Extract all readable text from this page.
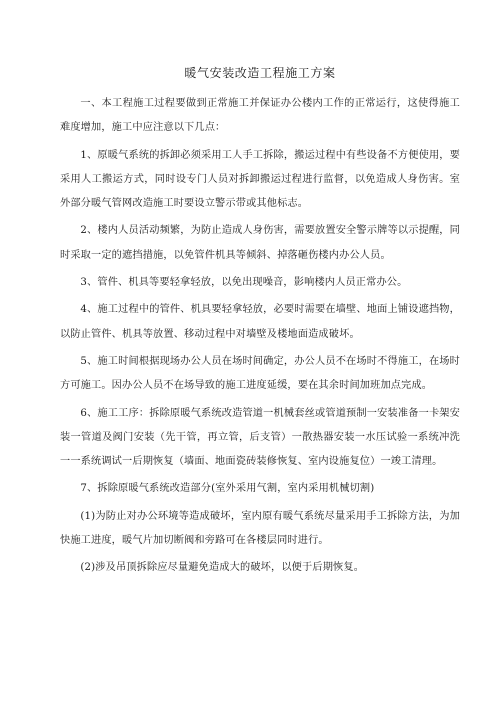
暖气安装改造工程施工方案

一、本工程施工过程要做到正常施工并保证办公楼内工作的正常运行，这使得施工难度增加，施工中应注意以下几点：

1、原暖气系统的拆卸必须采用工人手工拆除，搬运过程中有些设备不方便使用，要采用人工搬运方式，同时设专门人员对拆卸搬运过程进行监督，以免造成人身伤害。室外部分暖气管网改造施工时要设立警示带或其他标志。

2、楼内人员活动频繁，为防止造成人身伤害，需要放置安全警示牌等以示提醒，同时采取一定的遮挡措施，以免管件机具等倾斜、掉落砸伤楼内办公人员。

3、管件、机具等要轻拿轻放，以免出现噪音，影响楼内人员正常办公。

4、施工过程中的管件、机具要轻拿轻放，必要时需要在墙壁、地面上铺设遮挡物，以防止管件、机具等放置、移动过程中对墙壁及楼地面造成破坏。

5、施工时间根据现场办公人员在场时间确定，办公人员不在场时不得施工，在场时方可施工。因办公人员不在场导致的施工进度延缓，要在其余时间加班加点完成。

6、施工工序：拆除原暖气系统改造管道一机械套丝或管道预制一安装准备一卡架安装一管道及阀门安装（先干管，再立管，后支管）一散热器安装一水压试验一系统冲洗一一系统调试一后期恢复（墙面、地面瓷砖装修恢复、室内设施复位）一竣工清理。

7、拆除原暖气系统改造部分(室外采用气割，室内采用机械切割)

(1)为防止对办公环境等造成破坏，室内原有暖气系统尽量采用手工拆除方法，为加快施工进度，暖气片加切断阀和旁路可在各楼层同时进行。

(2)涉及吊顶拆除应尽量避免造成大的破坏，以便于后期恢复。
